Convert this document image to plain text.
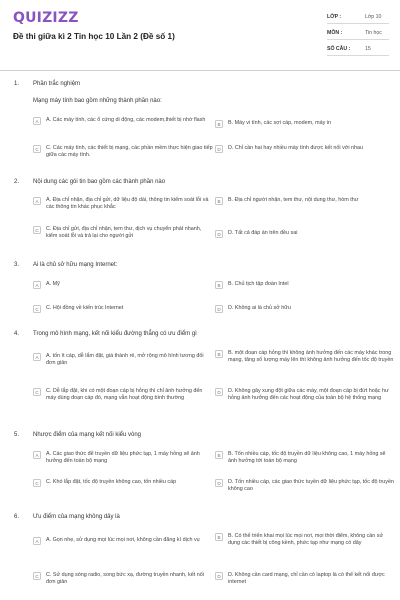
QUIZIZZ
Đề thi giữa kì 2 Tin học 10 Lần 2 (Đề số 1)
LỚP :	Lớp 10
MÔN :	Tin học
SỐ CÂU :	15
1. Phần trắc nghiệm
Mạng máy tính bao gồm những thành phần nào:
A	A. Các máy tính, các ổ cứng di động, các modem,thiết bị nhớ flash
B	B. Máy vi tính, các sợi cáp, modem, máy in
C	C. Các máy tính, các thiết bị mạng, các phần mềm thực hiện giao tiếp giữa các máy tính.
D	D. Chỉ cần hai hay nhiều máy tính được kết nối với nhau
2. Nội dung các gói tin bao gồm các thành phần nào
A	A. Địa chỉ nhận, địa chỉ gửi, dữ liệu độ dài, thông tin kiểm soát lỗi và các thông tin khác phục khắc
B	B. Địa chỉ người nhận, tem thư, nội dung thư, hòm thư
C	C. Địa chỉ gửi, địa chỉ nhận, tem thư, dịch vụ chuyển phát nhanh, kiểm soát lỗi và trả lại cho người gửi	D	D. Tất cả đáp án trên đều sai
3. Ai là chủ sở hữu mạng Internet:
A	A. Mỹ	B	B. Chủ tịch tập đoàn Intel
C	C. Hội đồng về kiến trúc Internet	D	D. Không ai là chủ sở hữu
4. Trong mô hình mạng, kết nối kiểu đường thẳng có ưu điểm gì
A	A. tốn ít cáp, dễ lắm đặt, giá thành rẻ, mở rộng mô hình tương đối đơn giản
B	B. một đoạn cáp hỏng thì không ảnh hưởng đến các máy khác trong mạng, tăng số lượng máy lên thì không ảnh hưởng đến tốc độ truyền
C	C. Dễ lắp đặt, khi có một đoạn cáp bị hỏng thì chỉ ảnh hưởng đến máy dùng đoạn cáp đó, mạng vẫn hoạt động bình thường
D	D. Không gây xung đột giữa các máy, một đoạn cáp bị đứt hoặc hư hỏng ảnh hưởng đến các hoạt động của toàn bộ hệ thống mạng
5. Nhược điểm của mạng kết nối kiểu vòng
A	A. Các giao thức để truyền dữ liệu phức tạp, 1 máy hỏng sẽ ảnh hưởng đến toàn bộ mạng
B	B. Tốn nhiều cáp, tốc độ truyền dữ liệu không cao, 1 máy hỏng sẽ ảnh hưởng tới toàn bộ mạng
C	C. Khó lắp đặt, tốc độ truyền không cao, tốn nhiều cáp	D	D. Tốn nhiều cáp, các giao thức tuyền dữ liệu phức tạp, tốc độ truyền không cao
6. Ưu điểm của mạng không dây là
A	A. Gọn nhẹ, sử dụng mọi lúc mọi nơi, không cần đăng kí dịch vụ	B	B. Có thể triển khai mọi lúc mọi nơi, mọi thời điểm, không cần sử dụng các thiết bị công kềnh, phức tạp như mạng có dây
C	C. Sử dụng sóng radio, song bức xạ, đường truyền nhanh, kết nối đơn giản
D	D. Không cần card mạng, chỉ cần có laptop là có thể kết nối được internet
